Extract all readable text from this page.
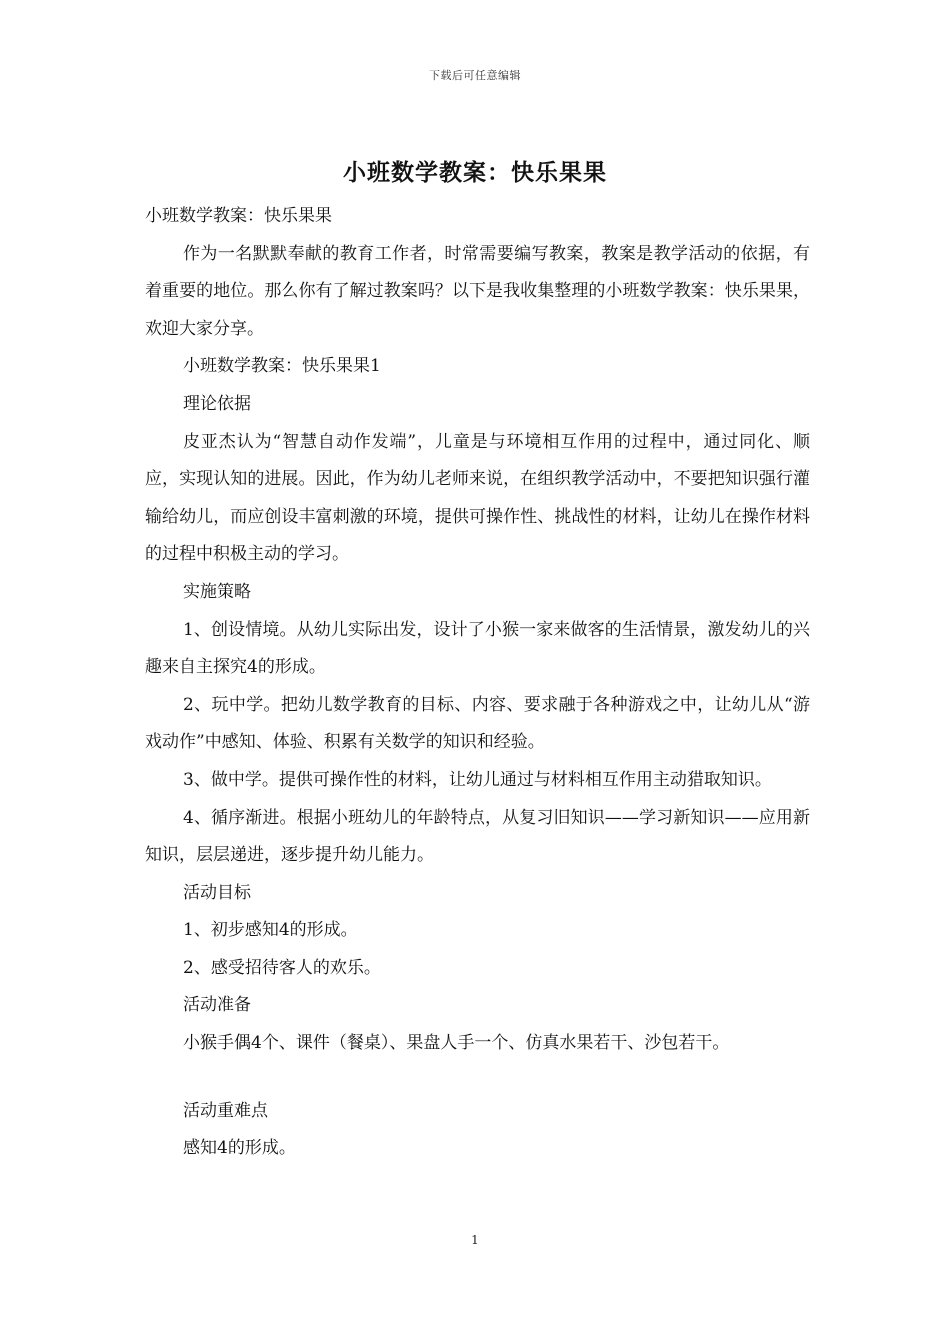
下载后可任意编辑
小班数学教案：快乐果果

小班数学教案：快乐果果

作为一名默默奉献的教育工作者，时常需要编写教案，教案是教学活动的依据，有着重要的地位。那么你有了解过教案吗？以下是我收集整理的小班数学教案：快乐果果，欢迎大家分享。

小班数学教案：快乐果果1

理论依据

皮亚杰认为“智慧自动作发端”，儿童是与环境相互作用的过程中，通过同化、顺应，实现认知的进展。因此，作为幼儿老师来说，在组织教学活动中，不要把知识强行灌输给幼儿，而应创设丰富刺激的环境，提供可操作性、挑战性的材料，让幼儿在操作材料的过程中积极主动的学习。

实施策略

1、创设情境。从幼儿实际出发，设计了小猴一家来做客的生活情景，激发幼儿的兴趣来自主探究4的形成。

2、玩中学。把幼儿数学教育的目标、内容、要求融于各种游戏之中，让幼儿从“游戏动作”中感知、体验、积累有关数学的知识和经验。

3、做中学。提供可操作性的材料，让幼儿通过与材料相互作用主动猎取知识。

4、循序渐进。根据小班幼儿的年龄特点，从复习旧知识——学习新知识——应用新知识，层层递进，逐步提升幼儿能力。

活动目标

1、初步感知4的形成。

2、感受招待客人的欢乐。

活动准备

小猴手偶4个、课件（餐桌）、果盘人手一个、仿真水果若干、沙包若干。

活动重难点

感知4的形成。

1
